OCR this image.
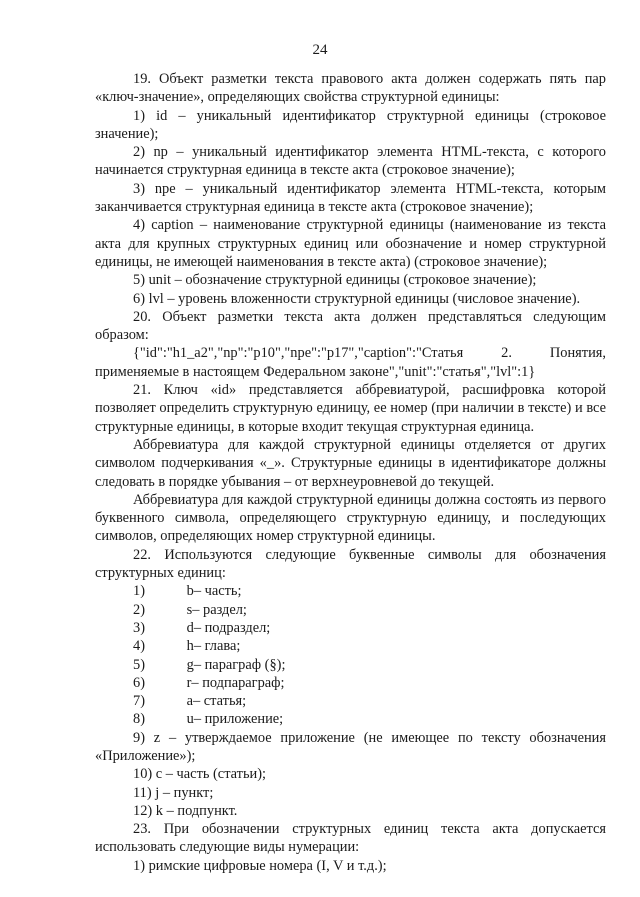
24

19. Объект разметки текста правового акта должен содержать пять пар «ключ-значение», определяющих свойства структурной единицы:

1) id – уникальный идентификатор структурной единицы (строковое значение);

2) np – уникальный идентификатор элемента HTML-текста, с которого начинается структурная единица в тексте акта (строковое значение);

3) npe – уникальный идентификатор элемента HTML-текста, которым заканчивается структурная единица в тексте акта (строковое значение);

4) caption – наименование структурной единицы (наименование из текста акта для крупных структурных единиц или обозначение и номер структурной единицы, не имеющей наименования в тексте акта) (строковое значение);

5) unit – обозначение структурной единицы (строковое значение);

6) lvl – уровень вложенности структурной единицы (числовое значение).

20. Объект разметки текста акта должен представляться следующим образом:

{"id":"h1_a2","np":"p10","npe":"p17","caption":"Статья 2. Понятия, применяемые в настоящем Федеральном законе","unit":"статья","lvl":1}

21. Ключ «id» представляется аббревиатурой, расшифровка которой позволяет определить структурную единицу, ее номер (при наличии в тексте) и все структурные единицы, в которые входит текущая структурная единица.

Аббревиатура для каждой структурной единицы отделяется от других символом подчеркивания «_». Структурные единицы в идентификаторе должны следовать в порядке убывания – от верхнеуровневой до текущей.

Аббревиатура для каждой структурной единицы должна состоять из первого буквенного символа, определяющего структурную единицу, и последующих символов, определяющих номер структурной единицы.

22. Используются следующие буквенные символы для обозначения структурных единиц:

1)	b– часть;

2)	s– раздел;

3)	d– подраздел;

4)	h– глава;

5)	g– параграф (§);

6)	r– подпараграф;

7)	a– статья;

8)	u– приложение;

9) z – утверждаемое приложение (не имеющее по тексту обозначения «Приложение»);

10) c – часть (статьи);

11) j – пункт;

12) k – подпункт.

23. При обозначении структурных единиц текста акта допускается использовать следующие виды нумерации:

1) римские цифровые номера (I, V и т.д.);
